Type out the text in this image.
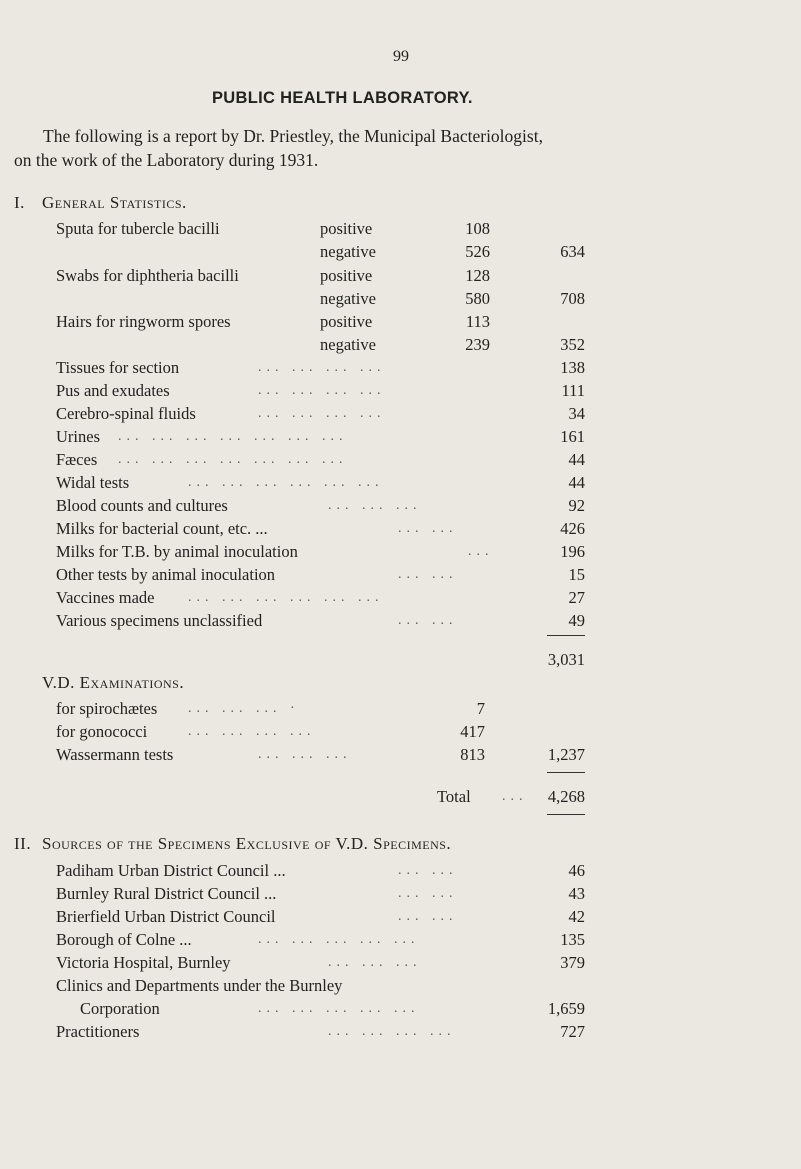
99
PUBLIC HEALTH LABORATORY.
The following is a report by Dr. Priestley, the Municipal Bacteriologist,
on the work of the Laboratory during 1931.
I. General Statistics.
Sputa for tubercle bacilli	positive	108
negative	526	634
Swabs for diphtheria bacilli	positive	128
negative	580	708
Hairs for ringworm spores	positive	113
negative	239	352
Tissues for section	... ... ... ...	138
Pus and exudates	... ... ... ...	111
Cerebro-spinal fluids	... ... ... ...	34
Urines ... ... ... ... ... ... ...	161
Fæces ... ... ... ... ... ... ...	44
Widal tests	... ... ... ... ... ...	44
Blood counts and cultures	... ... ...	92
Milks for bacterial count, etc. ...	... ...	426
Milks for T.B. by animal inoculation	...	196
Other tests by animal inoculation	... ...	15
Vaccines made ... ... ... ... ... ...	27
Various specimens unclassified	... ...	49
3,031
V.D. Examinations.
for spirochætes ... ... ... ·	7
for gonococci	... ... ... ...	417
Wassermann tests	... ... ...	813	1,237
Total ...	4,268
II. Sources of the Specimens Exclusive of V.D. Specimens.
Padiham Urban District Council ...	... ...	46
Burnley Rural District Council ...	... ...	43
Brierfield Urban District Council	... ...	42
Borough of Colne ...	... ... ... ... ...	135
Victoria Hospital, Burnley	... ... ...	379
Clinics and Departments under the Burnley
Corporation	... ... ... ... ...	1,659
Practitioners	... ... ... ...	727
